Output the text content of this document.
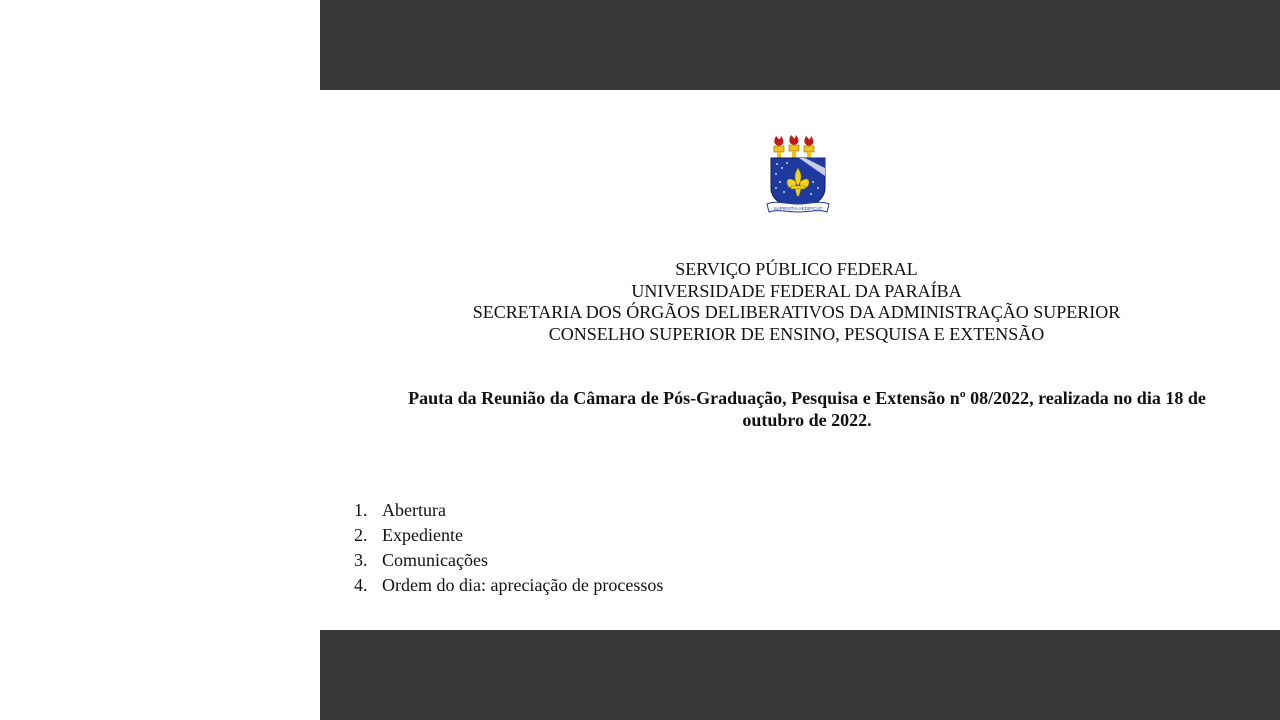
SAPIENTIA AEDIFICAT
SERVIÇO PÚBLICO FEDERAL
UNIVERSIDADE FEDERAL DA PARAÍBA
SECRETARIA DOS ÓRGÃOS DELIBERATIVOS DA ADMINISTRAÇÃO SUPERIOR
CONSELHO SUPERIOR DE ENSINO, PESQUISA E EXTENSÃO
Pauta da Reunião da Câmara de Pós-Graduação, Pesquisa e Extensão nº 08/2022, realizada no dia 18 de outubro de 2022.
1. Abertura
2. Expediente
3. Comunicações
4. Ordem do dia: apreciação de processos
